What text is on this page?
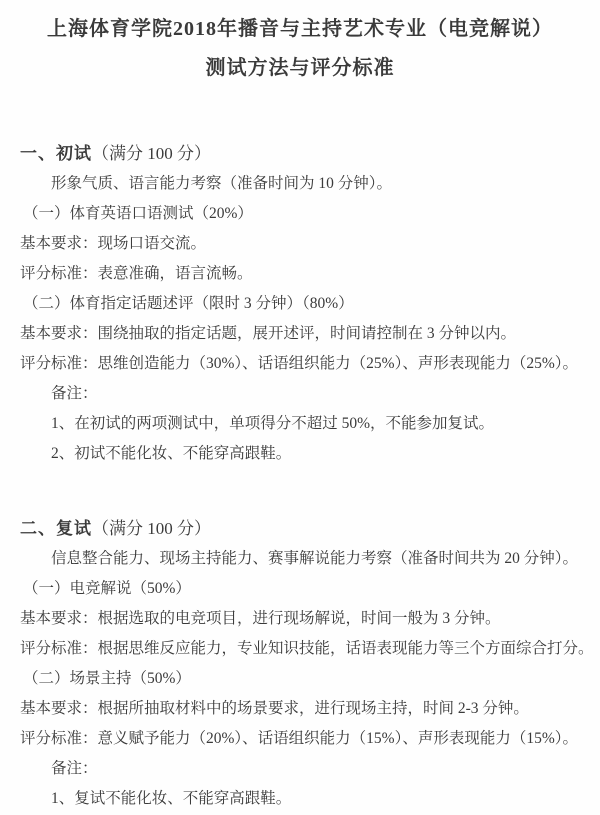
上海体育学院2018年播音与主持艺术专业（电竞解说）
测试方法与评分标准
一、初试（满分 100 分）
形象气质、语言能力考察（准备时间为 10 分钟）。
（一）体育英语口语测试（20%）
基本要求：现场口语交流。
评分标准：表意准确，语言流畅。
（二）体育指定话题述评（限时 3 分钟）（80%）
基本要求：围绕抽取的指定话题，展开述评，时间请控制在 3 分钟以内。
评分标准：思维创造能力（30%）、话语组织能力（25%）、声形表现能力（25%）。
备注：
1、在初试的两项测试中，单项得分不超过 50%，不能参加复试。
2、初试不能化妆、不能穿高跟鞋。
二、复试（满分 100 分）
信息整合能力、现场主持能力、赛事解说能力考察（准备时间共为 20 分钟）。
（一）电竞解说（50%）
基本要求：根据选取的电竞项目，进行现场解说，时间一般为 3 分钟。
评分标准：根据思维反应能力，专业知识技能，话语表现能力等三个方面综合打分。
（二）场景主持（50%）
基本要求：根据所抽取材料中的场景要求，进行现场主持，时间 2-3 分钟。
评分标准：意义赋予能力（20%）、话语组织能力（15%）、声形表现能力（15%）。
备注：
1、复试不能化妆、不能穿高跟鞋。
